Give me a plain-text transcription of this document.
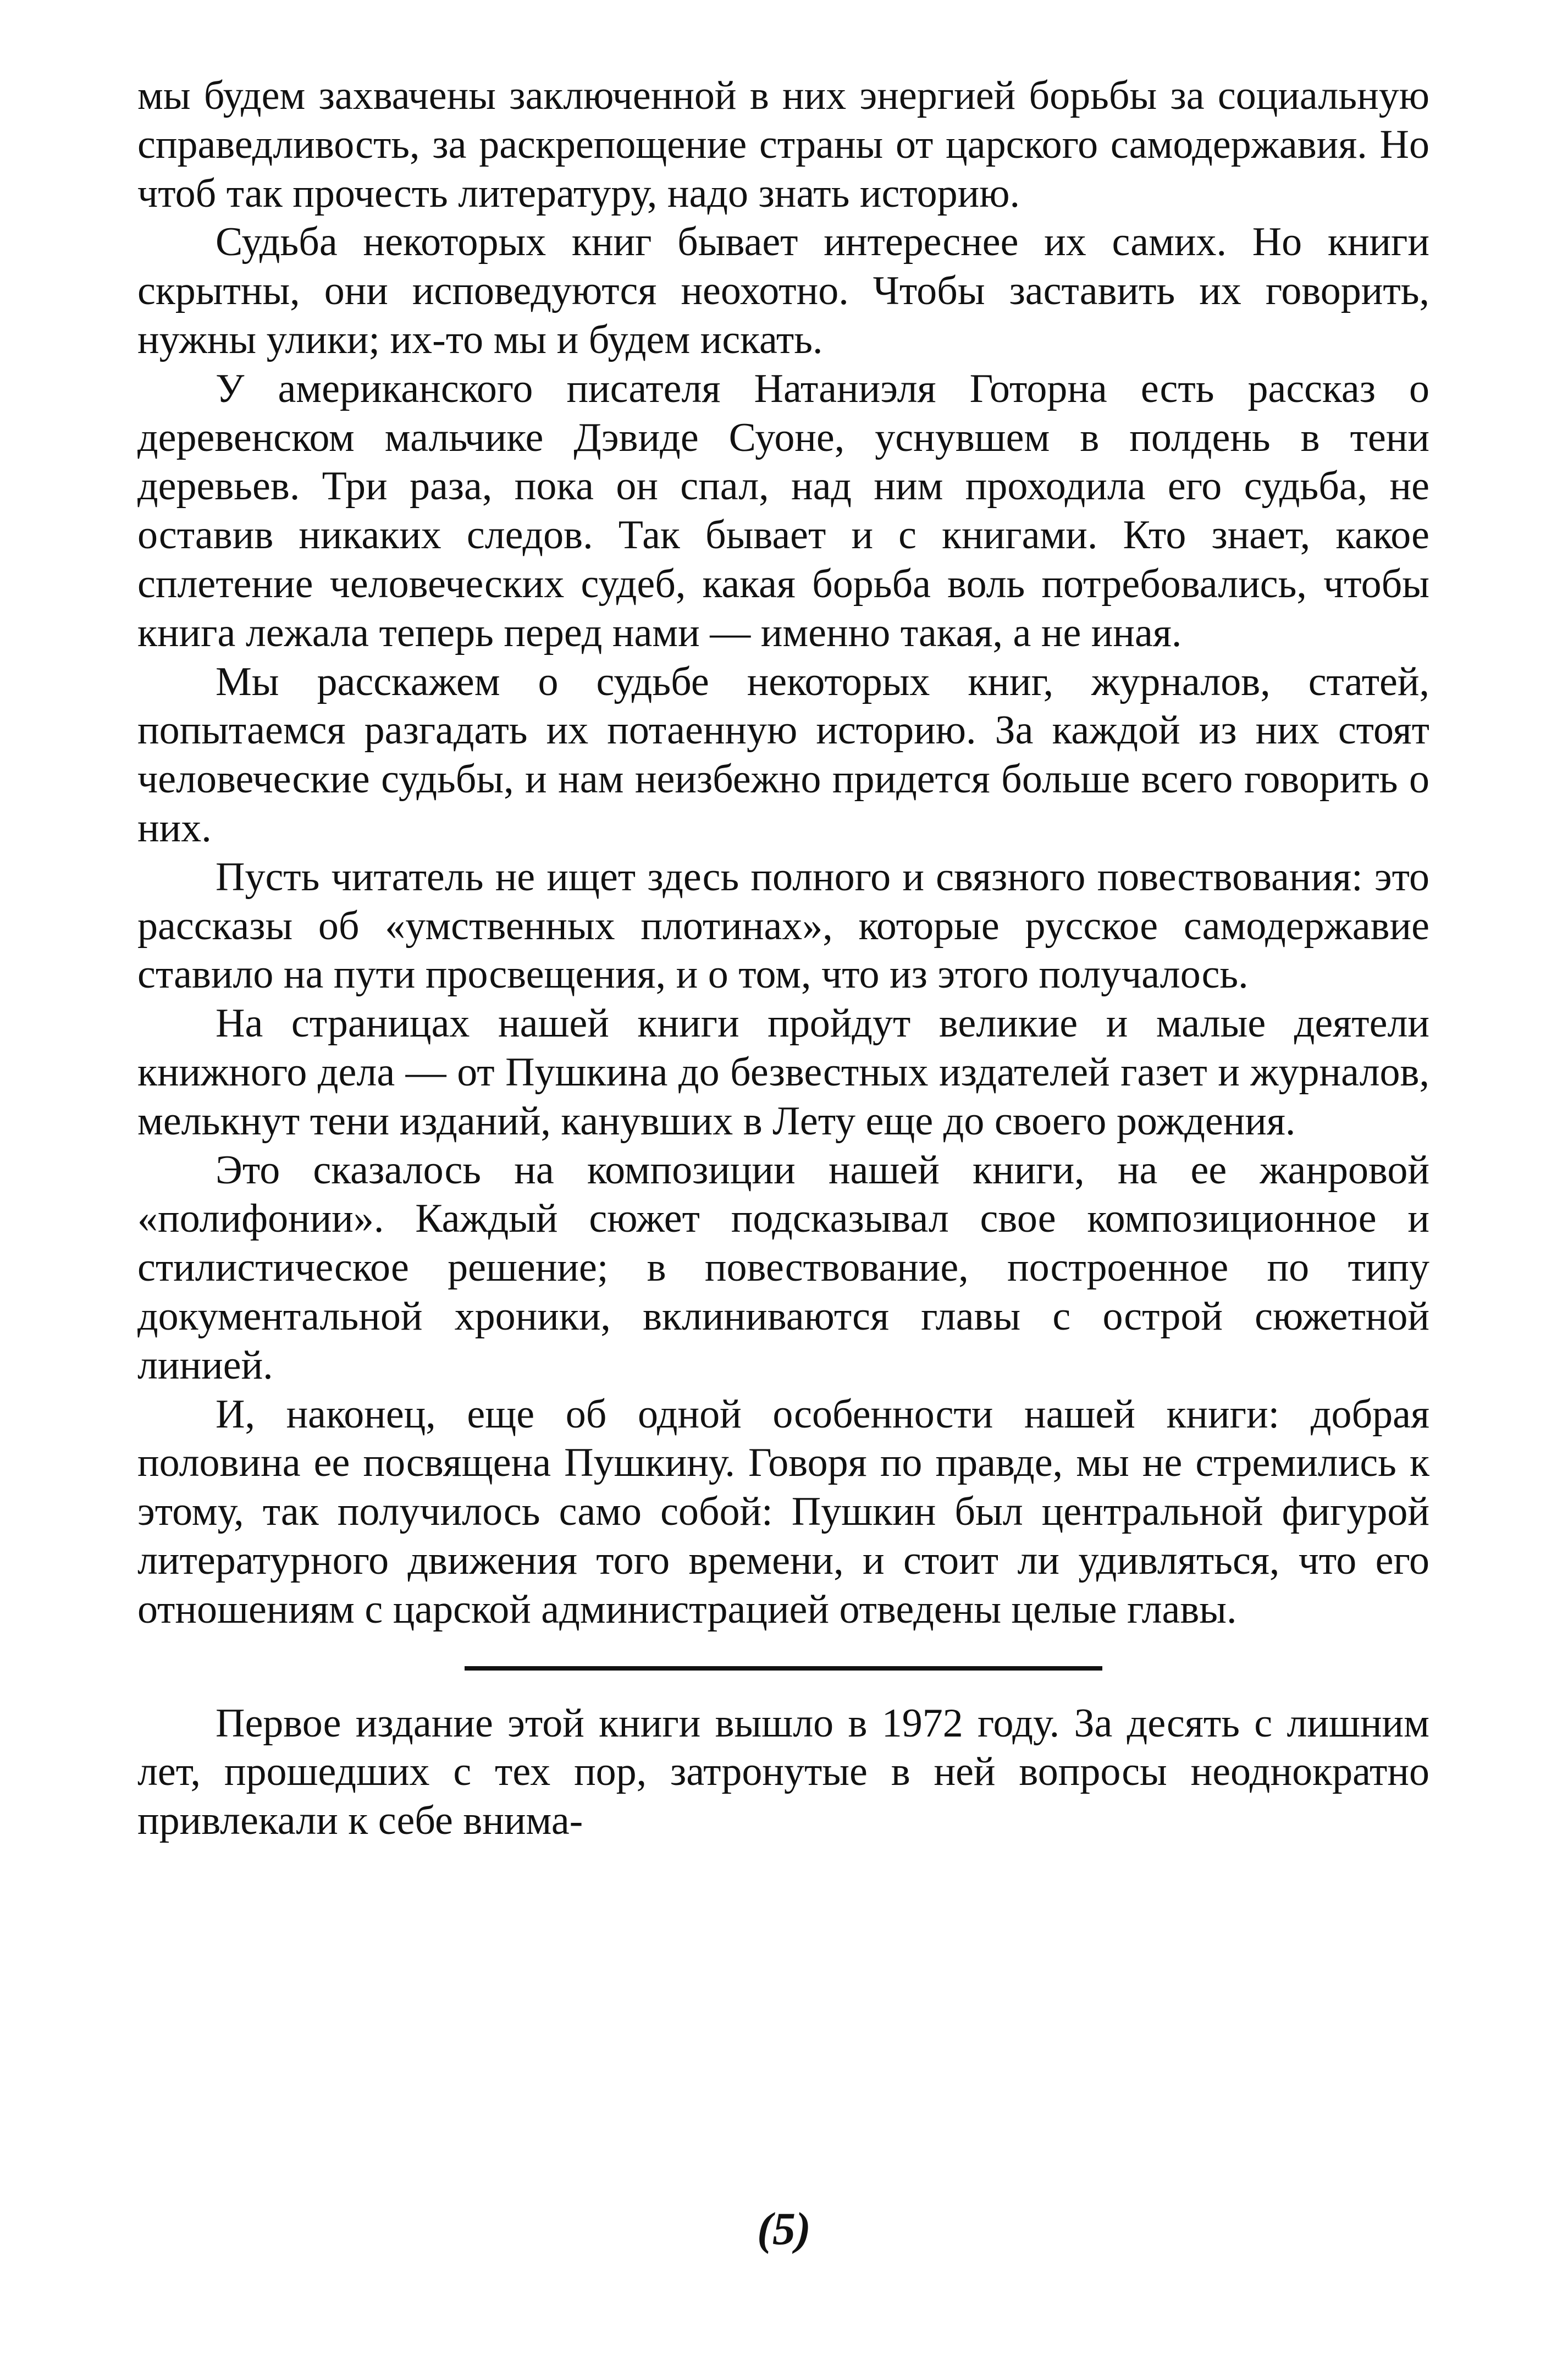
мы будем захвачены заключенной в них энергией борьбы за социальную справедливость, за раскрепощение страны от царского самодержавия. Но чтоб так прочесть литературу, надо знать историю.

Судьба некоторых книг бывает интереснее их самих. Но книги скрытны, они исповедуются неохотно. Чтобы заставить их говорить, нужны улики; их-то мы и будем искать.

У американского писателя Натаниэля Готорна есть рассказ о деревенском мальчике Дэвиде Суоне, уснувшем в полдень в тени деревьев. Три раза, пока он спал, над ним проходила его судьба, не оставив никаких следов. Так бывает и с книгами. Кто знает, какое сплетение человеческих судеб, какая борьба воль потребовались, чтобы книга лежала теперь перед нами — именно такая, а не иная.

Мы расскажем о судьбе некоторых книг, журналов, статей, попытаемся разгадать их потаенную историю. За каждой из них стоят человеческие судьбы, и нам неизбежно придется больше всего говорить о них.

Пусть читатель не ищет здесь полного и связного повествования: это рассказы об «умственных плотинах», которые русское самодержавие ставило на пути просвещения, и о том, что из этого получалось.

На страницах нашей книги пройдут великие и малые деятели книжного дела — от Пушкина до безвестных издателей газет и журналов, мелькнут тени изданий, канувших в Лету еще до своего рождения.

Это сказалось на композиции нашей книги, на ее жанровой «полифонии». Каждый сюжет подсказывал свое композиционное и стилистическое решение; в повествование, построенное по типу документальной хроники, вклиниваются главы с острой сюжетной линией.

И, наконец, еще об одной особенности нашей книги: добрая половина ее посвящена Пушкину. Говоря по правде, мы не стремились к этому, так получилось само собой: Пушкин был центральной фигурой литературного движения того времени, и стоит ли удивляться, что его отношениям с царской администрацией отведены целые главы.

Первое издание этой книги вышло в 1972 году. За десять с лишним лет, прошедших с тех пор, затронутые в ней вопросы неоднократно привлекали к себе внима-

(5)
